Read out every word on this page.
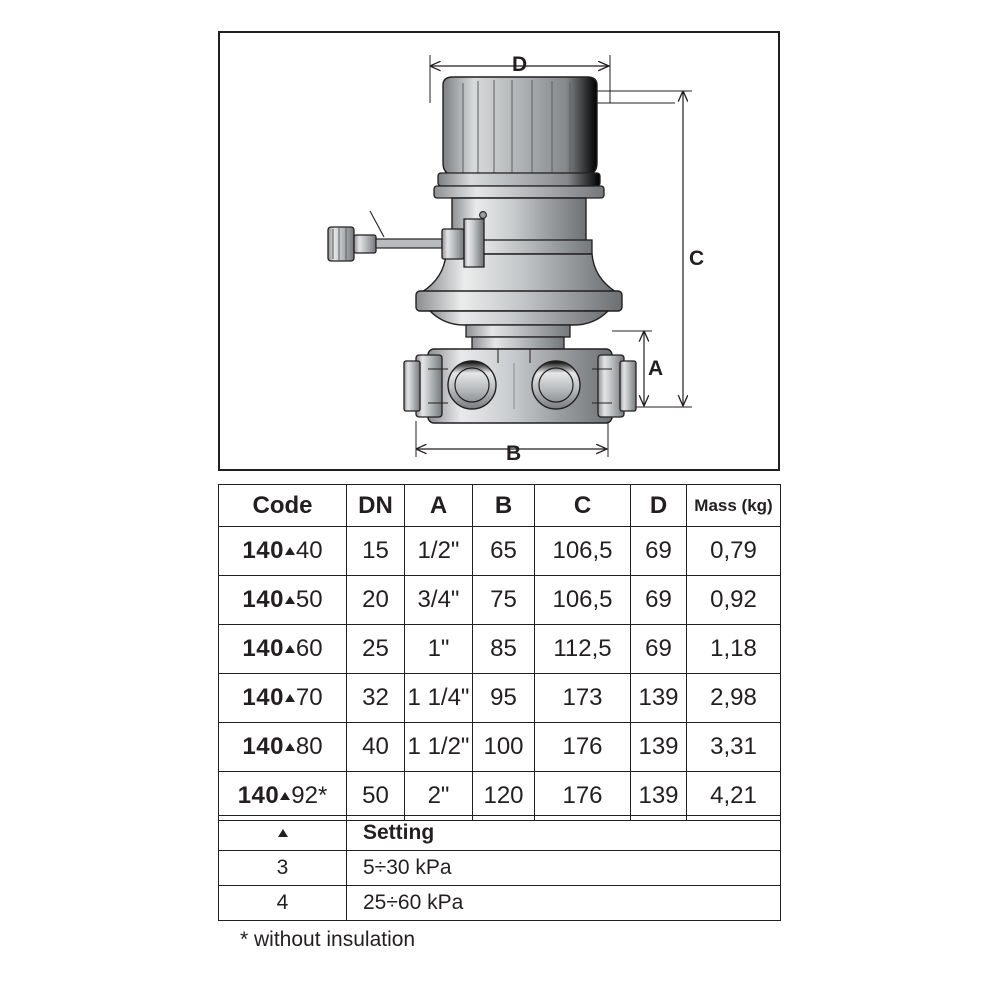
D
C
A
B
Code	DN	A	B	C	D	Mass (kg)
140 40	15	1/2"	65	106,5	69	0,79
140 50	20	3/4"	75	106,5	69	0,92
140 60	25	1"	85	112,5	69	1,18
140 70	32	1 1/4"	95	173	139	2,98
140 80	40	1 1/2"	100	176	139	3,31
140 92*	50	2"	120	176	139	4,21
	Setting
3	5÷30 kPa
4	25÷60 kPa
* without insulation
